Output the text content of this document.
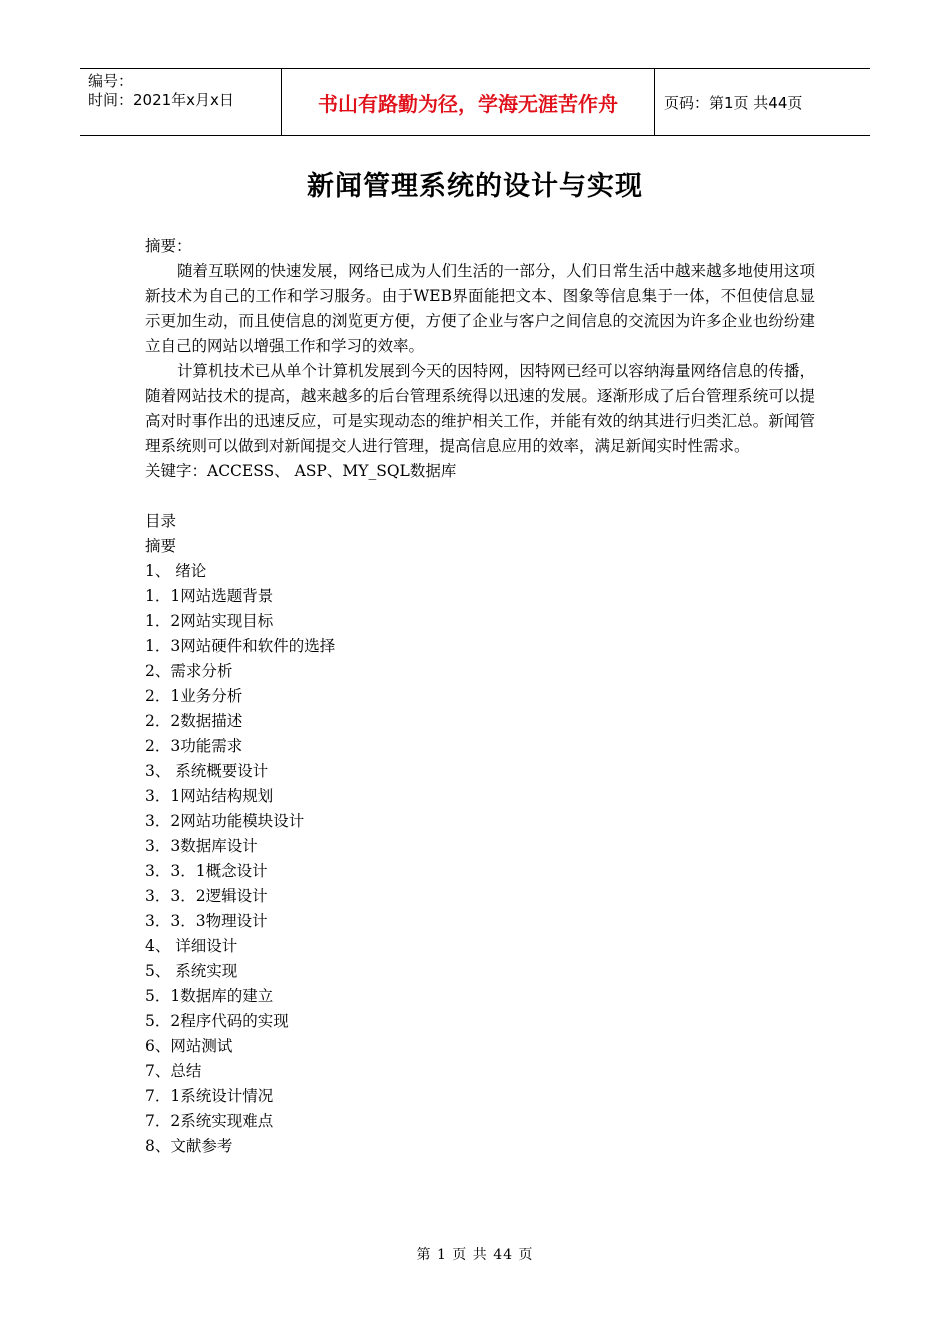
编号：
时间：2021年x月x日	书山有路勤为径，学海无涯苦作舟	页码：第1页 共44页
新闻管理系统的设计与实现

摘要：

随着互联网的快速发展，网络已成为人们生活的一部分，人们日常生活中越来越多地使用这项新技术为自己的工作和学习服务。由于WEB界面能把文本、图象等信息集于一体，不但使信息显示更加生动，而且使信息的浏览更方便，方便了企业与客户之间信息的交流因为许多企业也纷纷建立自己的网站以增强工作和学习的效率。

计算机技术已从单个计算机发展到今天的因特网，因特网已经可以容纳海量网络信息的传播，随着网站技术的提高，越来越多的后台管理系统得以迅速的发展。逐渐形成了后台管理系统可以提高对时事作出的迅速反应，可是实现动态的维护相关工作，并能有效的纳其进行归类汇总。新闻管理系统则可以做到对新闻提交人进行管理，提高信息应用的效率，满足新闻实时性需求。

关键字：ACCESS、 ASP、MY_SQL数据库

目录

摘要
1、 绪论
1．1网站选题背景
1．2网站实现目标
1．3网站硬件和软件的选择
2、需求分析
2．1业务分析
2．2数据描述
2．3功能需求
3、 系统概要设计
3．1网站结构规划
3．2网站功能模块设计
3．3数据库设计
3．3．1概念设计
3．3．2逻辑设计
3．3．3物理设计
4、 详细设计
5、 系统实现
5．1数据库的建立
5．2程序代码的实现
6、网站测试
7、总结
7．1系统设计情况
7．2系统实现难点
8、文献参考
第 1 页 共 44 页
